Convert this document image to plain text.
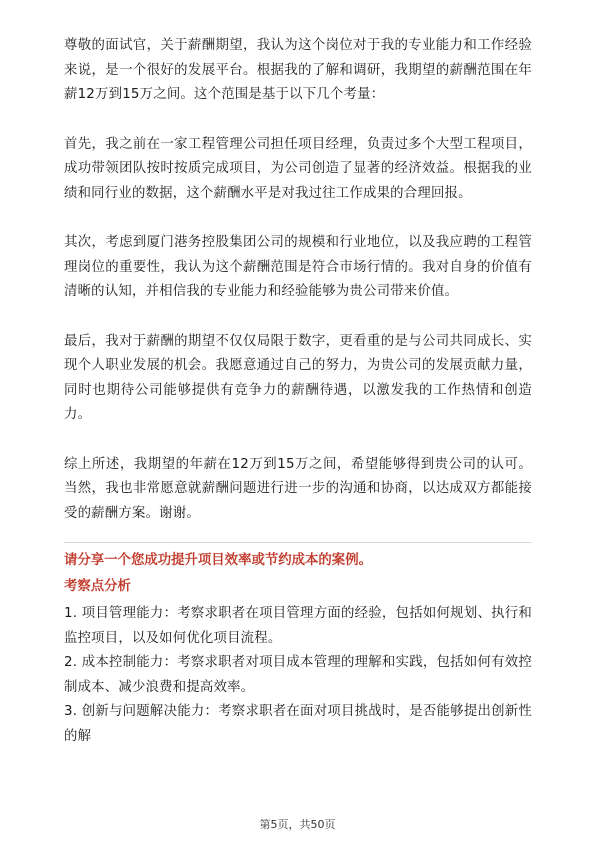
尊敬的面试官，关于薪酬期望，我认为这个岗位对于我的专业能力和工作经验来说，是一个很好的发展平台。根据我的了解和调研，我期望的薪酬范围在年薪12万到15万之间。这个范围是基于以下几个考量：

首先，我之前在一家工程管理公司担任项目经理，负责过多个大型工程项目，成功带领团队按时按质完成项目，为公司创造了显著的经济效益。根据我的业绩和同行业的数据，这个薪酬水平是对我过往工作成果的合理回报。

其次，考虑到厦门港务控股集团公司的规模和行业地位，以及我应聘的工程管理岗位的重要性，我认为这个薪酬范围是符合市场行情的。我对自身的价值有清晰的认知，并相信我的专业能力和经验能够为贵公司带来价值。

最后，我对于薪酬的期望不仅仅局限于数字，更看重的是与公司共同成长、实现个人职业发展的机会。我愿意通过自己的努力，为贵公司的发展贡献力量，同时也期待公司能够提供有竞争力的薪酬待遇，以激发我的工作热情和创造力。

综上所述，我期望的年薪在12万到15万之间，希望能够得到贵公司的认可。当然，我也非常愿意就薪酬问题进行进一步的沟通和协商，以达成双方都能接受的薪酬方案。谢谢。

请分享一个您成功提升项目效率或节约成本的案例。

考察点分析

1. 项目管理能力：考察求职者在项目管理方面的经验，包括如何规划、执行和监控项目，以及如何优化项目流程。

2. 成本控制能力：考察求职者对项目成本管理的理解和实践，包括如何有效控制成本、减少浪费和提高效率。

3. 创新与问题解决能力：考察求职者在面对项目挑战时，是否能够提出创新性的解

第5页，共50页
